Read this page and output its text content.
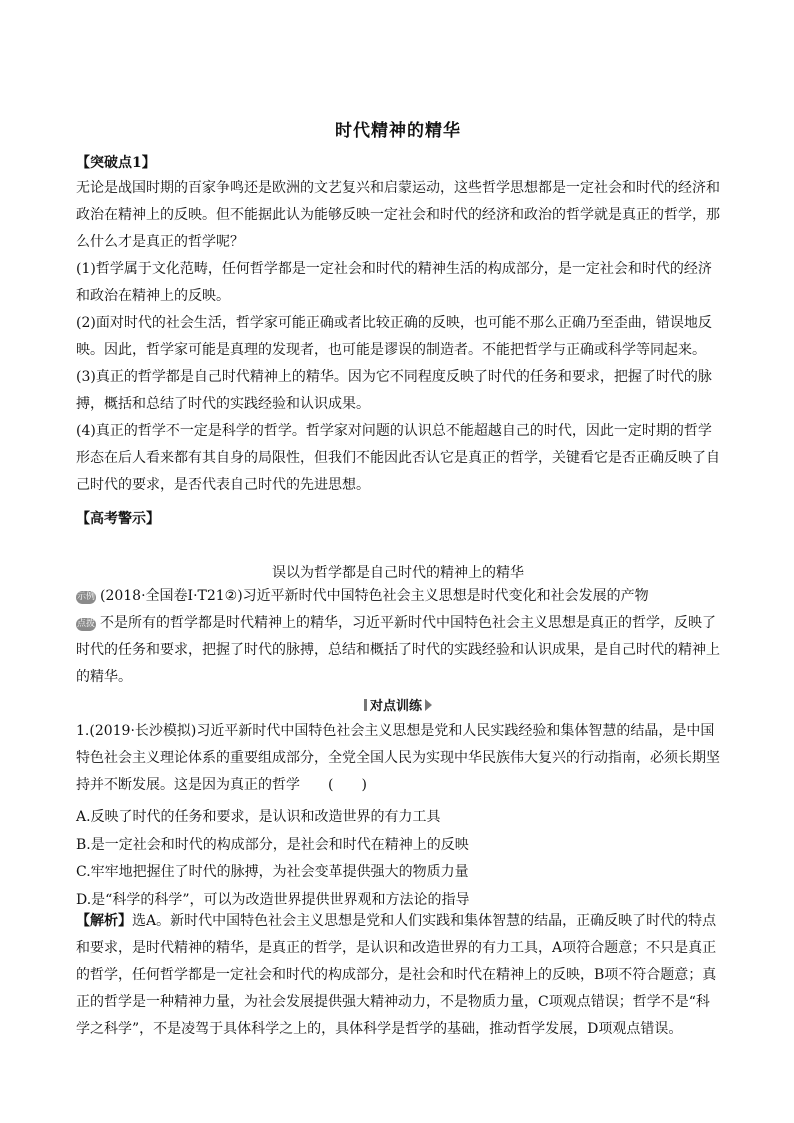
时代精神的精华
【突破点1】
无论是战国时期的百家争鸣还是欧洲的文艺复兴和启蒙运动，这些哲学思想都是一定社会和时代的经济和政治在精神上的反映。但不能据此认为能够反映一定社会和时代的经济和政治的哲学就是真正的哲学，那么什么才是真正的哲学呢？
(1)哲学属于文化范畴，任何哲学都是一定社会和时代的精神生活的构成部分，是一定社会和时代的经济和政治在精神上的反映。
(2)面对时代的社会生活，哲学家可能正确或者比较正确的反映，也可能不那么正确乃至歪曲，错误地反映。因此，哲学家可能是真理的发现者，也可能是谬误的制造者。不能把哲学与正确或科学等同起来。
(3)真正的哲学都是自己时代精神上的精华。因为它不同程度反映了时代的任务和要求，把握了时代的脉搏，概括和总结了时代的实践经验和认识成果。
(4)真正的哲学不一定是科学的哲学。哲学家对问题的认识总不能超越自己的时代，因此一定时期的哲学形态在后人看来都有其自身的局限性，但我们不能因此否认它是真正的哲学，关键看它是否正确反映了自己时代的要求，是否代表自己时代的先进思想。
【高考警示】
误以为哲学都是自己时代的精神上的精华
示例 (2018·全国卷Ⅰ·T21②)习近平新时代中国特色社会主义思想是时代变化和社会发展的产物
点拨 不是所有的哲学都是时代精神上的精华，习近平新时代中国特色社会主义思想是真正的哲学，反映了时代的任务和要求，把握了时代的脉搏，总结和概括了时代的实践经验和认识成果，是自己时代的精神上的精华。
对点训练
1.(2019·长沙模拟)习近平新时代中国特色社会主义思想是党和人民实践经验和集体智慧的结晶，是中国特色社会主义理论体系的重要组成部分，全党全国人民为实现中华民族伟大复兴的行动指南，必须长期坚持并不断发展。这是因为真正的哲学　　(　　)
A.反映了时代的任务和要求，是认识和改造世界的有力工具
B.是一定社会和时代的构成部分，是社会和时代在精神上的反映
C.牢牢地把握住了时代的脉搏，为社会变革提供强大的物质力量
D.是“科学的科学”，可以为改造世界提供世界观和方法论的指导
【解析】选A。新时代中国特色社会主义思想是党和人们实践和集体智慧的结晶，正确反映了时代的特点和要求，是时代精神的精华，是真正的哲学，是认识和改造世界的有力工具，A项符合题意；不只是真正的哲学，任何哲学都是一定社会和时代的构成部分，是社会和时代在精神上的反映，B项不符合题意；真正的哲学是一种精神力量，为社会发展提供强大精神动力，不是物质力量，C项观点错误；哲学不是“科学之科学”，不是凌驾于具体科学之上的，具体科学是哲学的基础，推动哲学发展，D项观点错误。
